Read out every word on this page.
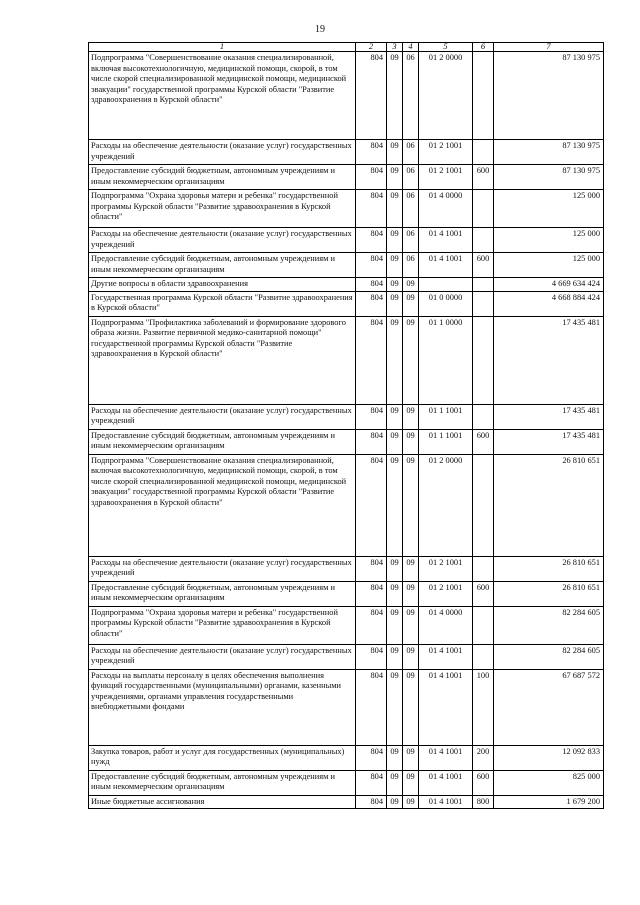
19
1	2	3	4	5	6	7
Подпрограмма "Совершенствование оказания специализированной, включая высокотехнологичную, медицинской помощи, скорой, в том числе скорой специализированной медицинской помощи, медицинской эвакуации" государственной программы Курской области "Развитие здравоохранения в Курской области"	804	09	06	01 2 0000		87 130 975
Расходы на обеспечение деятельности (оказание услуг) государственных учреждений	804	09	06	01 2 1001		87 130 975
Предоставление субсидий бюджетным, автономным учреждениям и иным некоммерческим организациям	804	09	06	01 2 1001	600	87 130 975
Подпрограмма "Охрана здоровья матери и ребенка" государственной программы Курской области "Развитие здравоохранения в Курской области"	804	09	06	01 4 0000		125 000
Расходы на обеспечение деятельности (оказание услуг) государственных учреждений	804	09	06	01 4 1001		125 000
Предоставление субсидий бюджетным, автономным учреждениям и иным некоммерческим организациям	804	09	06	01 4 1001	600	125 000
Другие вопросы в области здравоохранения	804	09	09			4 669 634 424
Государственная программа Курской области "Развитие здравоохранения в Курской области"	804	09	09	01 0 0000		4 668 884 424
Подпрограмма "Профилактика заболеваний и формирование здорового образа жизни. Развитие первичной медико-санитарной помощи" государственной программы Курской области "Развитие здравоохранения в Курской области"	804	09	09	01 1 0000		17 435 481
Расходы на обеспечение деятельности (оказание услуг) государственных учреждений	804	09	09	01 1 1001		17 435 481
Предоставление субсидий бюджетным, автономным учреждениям и иным некоммерческим организациям	804	09	09	01 1 1001	600	17 435 481
Подпрограмма "Совершенствование оказания специализированной, включая высокотехнологичную, медицинской помощи, скорой, в том числе скорой специализированной медицинской помощи, медицинской эвакуации" государственной программы Курской области "Развитие здравоохранения в Курской области"	804	09	09	01 2 0000		26 810 651
Расходы на обеспечение деятельности (оказание услуг) государственных учреждений	804	09	09	01 2 1001		26 810 651
Предоставление субсидий бюджетным, автономным учреждениям и иным некоммерческим организациям	804	09	09	01 2 1001	600	26 810 651
Подпрограмма "Охрана здоровья матери и ребенка" государственной программы Курской области "Развитие здравоохранения в Курской области"	804	09	09	01 4 0000		82 284 605
Расходы на обеспечение деятельности (оказание услуг) государственных учреждений	804	09	09	01 4 1001		82 284 605
Расходы на выплаты персоналу в целях обеспечения выполнения функций государственными (муниципальными) органами, казенными учреждениями, органами управления государственными внебюджетными фондами	804	09	09	01 4 1001	100	67 687 572
Закупка товаров, работ и услуг для государственных (муниципальных) нужд	804	09	09	01 4 1001	200	12 092 833
Предоставление субсидий бюджетным, автономным учреждениям и иным некоммерческим организациям	804	09	09	01 4 1001	600	825 000
Иные бюджетные ассигнования	804	09	09	01 4 1001	800	1 679 200
